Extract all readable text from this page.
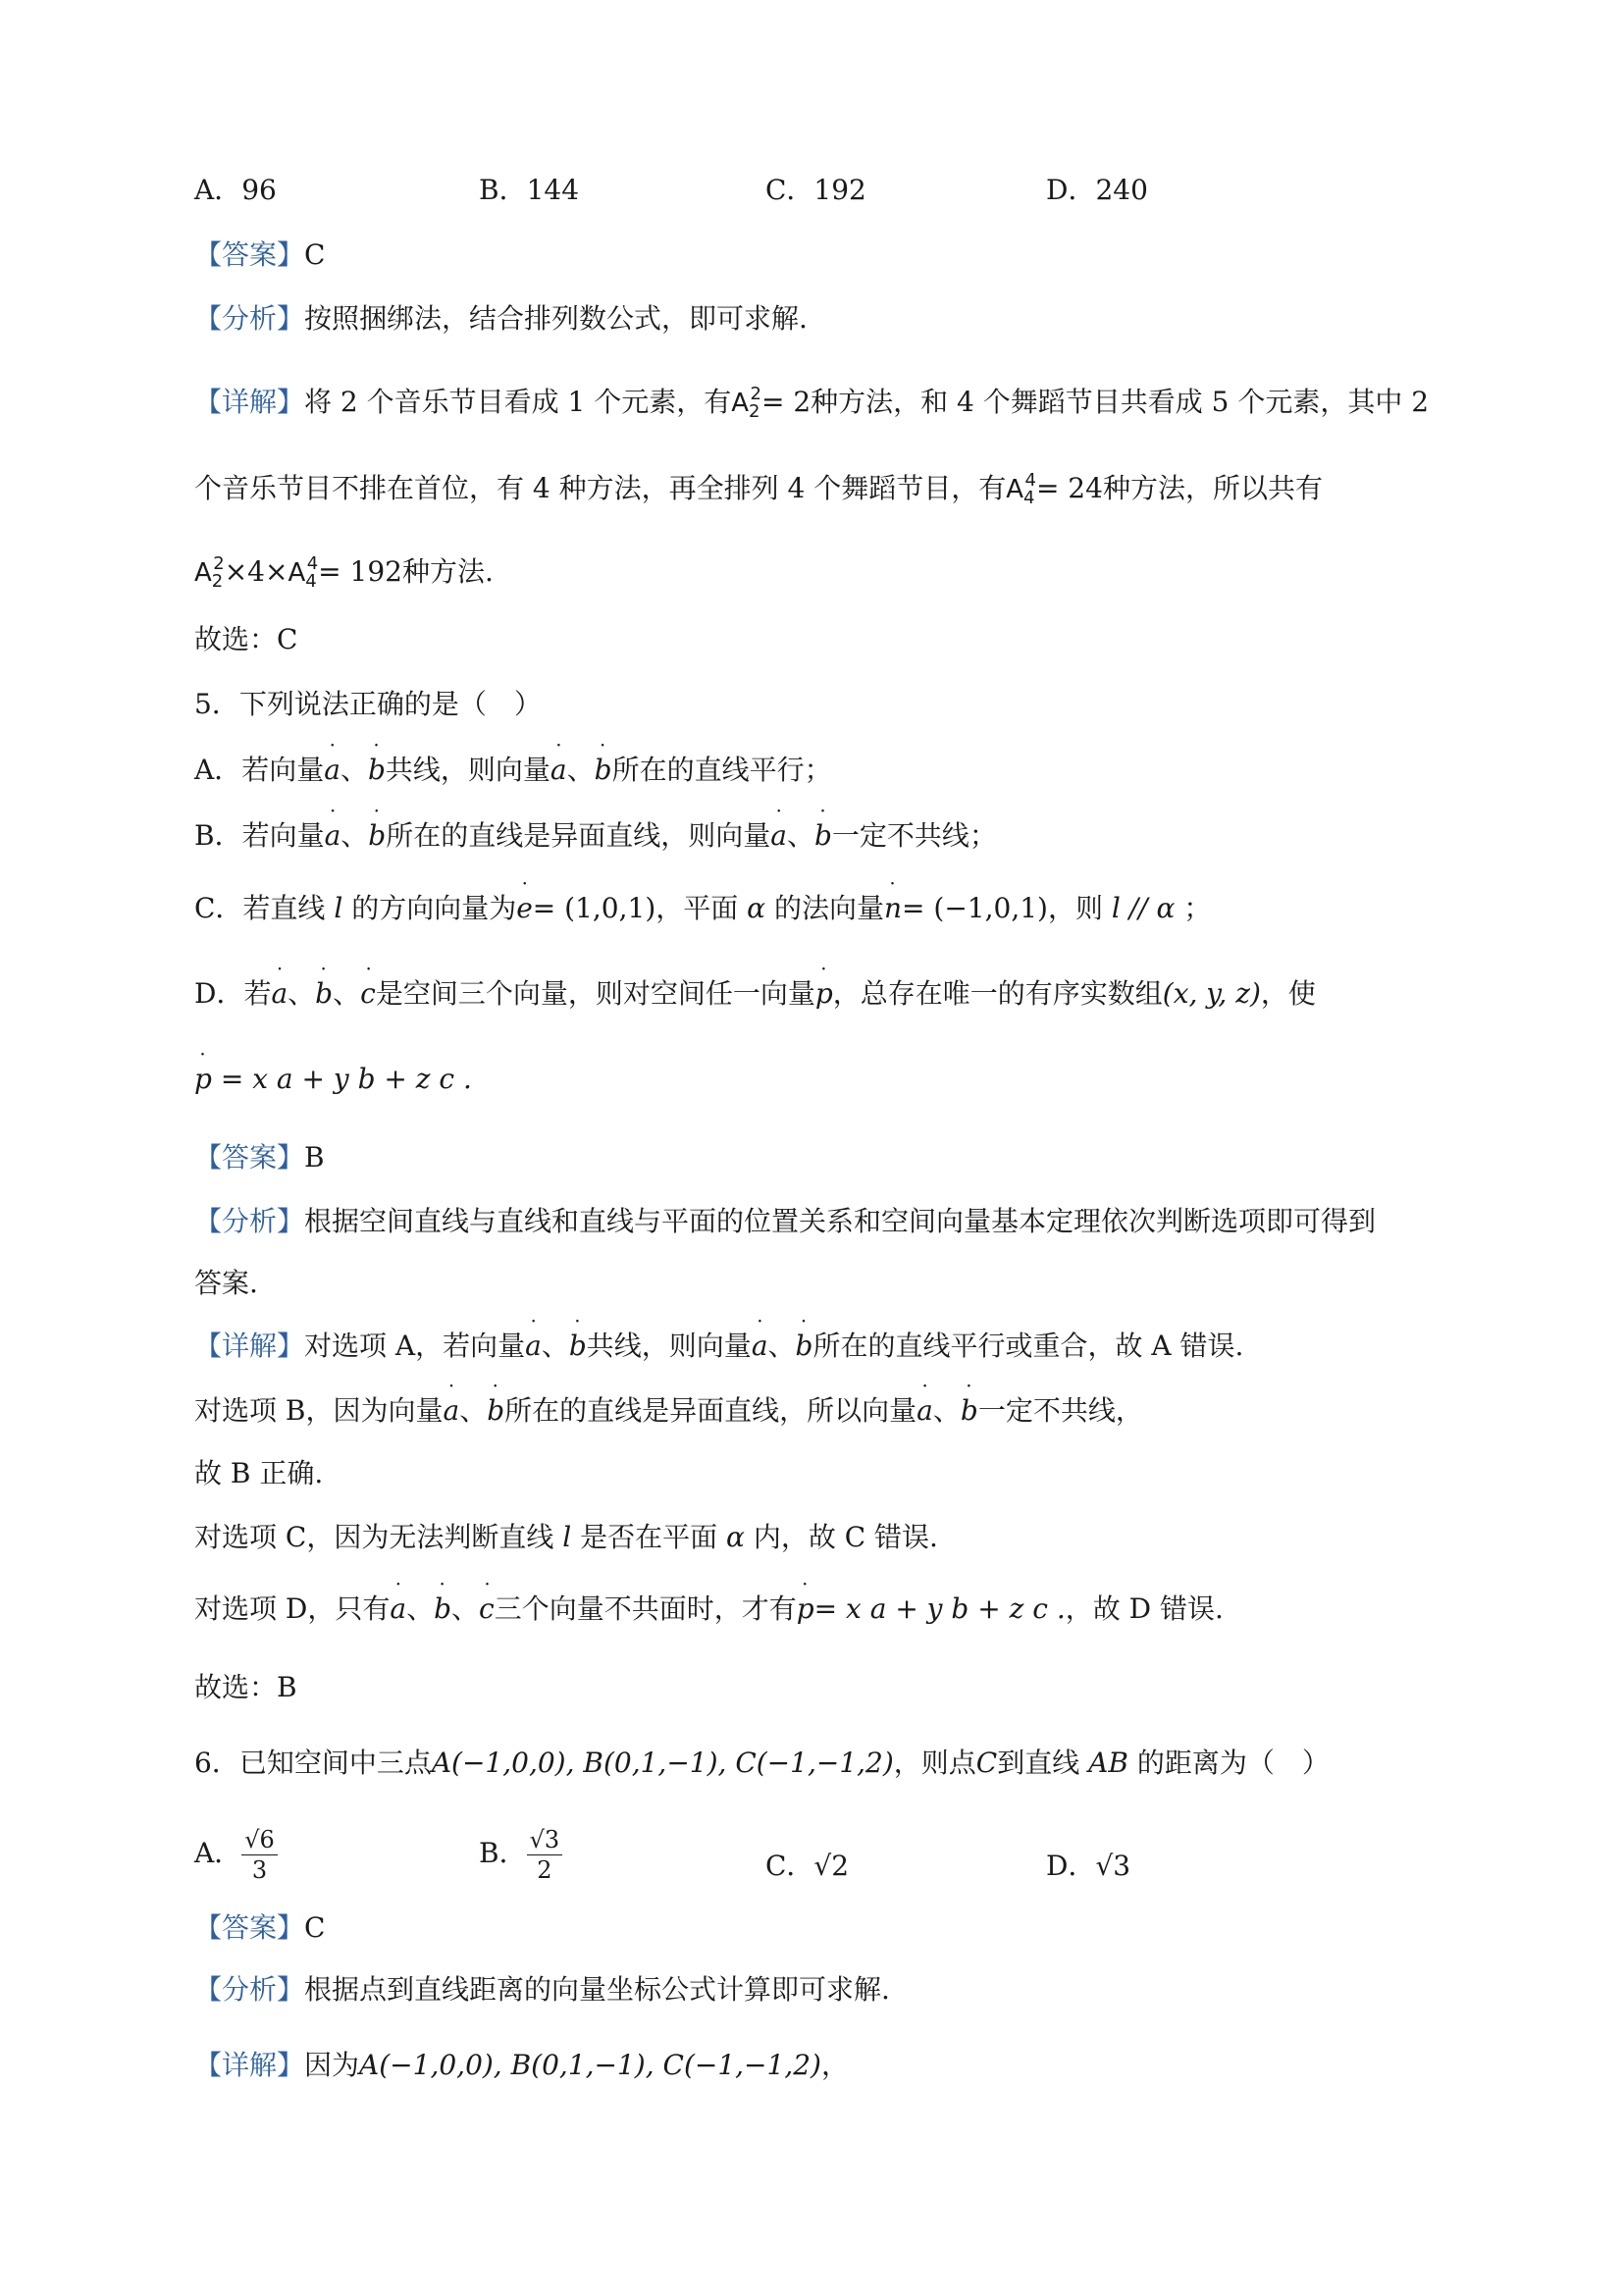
A．96	B．144	C．192	D．240
【答案】C
【分析】按照捆绑法，结合排列数公式，即可求解.
【详解】将 2 个音乐节目看成 1 个元素，有$A_2^2= 2$种方法，和 4 个舞蹈节目共看成 5 个元素，其中 2
个音乐节目不排在首位，有 4 种方法，再全排列 4 个舞蹈节目，有$A_4^4= 24$种方法，所以共有
$A_2^2\times 4\times A_4^4= 192$种方法.
故选：C
5．下列说法正确的是（　）
A．若向量˙ a、˙ b共线，则向量˙ a、˙ b所在的直线平行；
B．若向量˙ a、˙ b所在的直线是异面直线，则向量˙ a、˙ b一定不共线；
C．若直线 l 的方向向量为˙ e= (1,0,1)，平面 α 的法向量˙ n= (−1,0,1)，则 l // α ；
D．若˙ a、˙ b、˙ c是空间三个向量，则对空间任一向量˙ p，总存在唯一的有序实数组(x, y, z)，使
˙ p = x a + y b + z c .
【答案】B
【分析】根据空间直线与直线和直线与平面的位置关系和空间向量基本定理依次判断选项即可得到
答案.
【详解】对选项 A，若向量˙ a、˙ b共线，则向量˙ a、˙ b所在的直线平行或重合，故 A 错误.
对选项 B，因为向量˙ a、˙ b所在的直线是异面直线，所以向量˙ a、˙ b一定不共线，
故 B 正确.
对选项 C，因为无法判断直线 l 是否在平面 α 内，故 C 错误.
对选项 D，只有˙ a、˙ b、˙ c三个向量不共面时，才有˙ p= x a + y b + z c .，故 D 错误.
故选：B
6．已知空间中三点A(−1,0,0), B(0,1,−1), C(−1,−1,2)，则点C到直线 AB 的距离为（　）
A． $\frac{√6}{3}$	B． $\frac{√3}{2}$	C．√2	D．√3
【答案】C
【分析】根据点到直线距离的向量坐标公式计算即可求解.
【详解】因为A(−1,0,0), B(0,1,−1), C(−1,−1,2)，
